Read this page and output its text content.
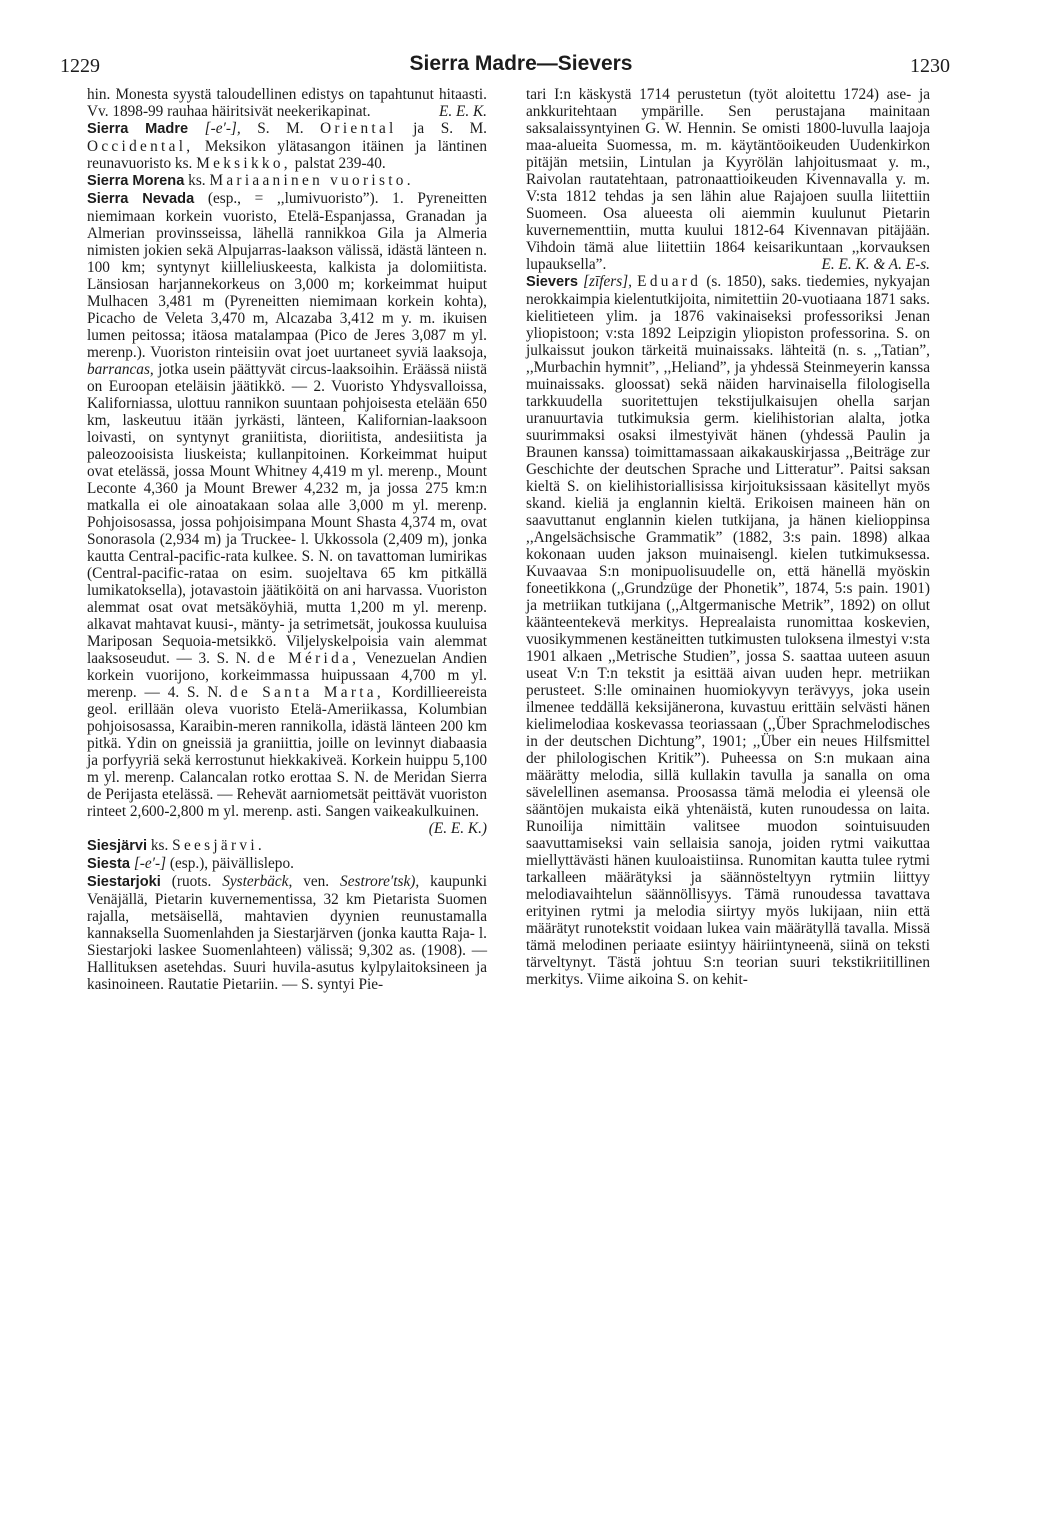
1229	Sierra Madre—Sievers	1230

hin. Monesta syystä taloudellinen edistys on tapahtunut hitaasti. Vv. 1898-99 rauhaa häiritsivät neekerikapinat.	E. E. K.

Sierra Madre [-e′-], S. M. Oriental ja S. M. Occidental, Meksikon ylätasangon itäinen ja läntinen reunavuoristo ks. Meksikko, palstat 239-40.

Sierra Morena ks. Mariaaninen vuoristo.

Sierra Nevada (esp., = ,,lumivuoristo”). 1. Pyreneitten niemimaan korkein vuoristo, Etelä-Espanjassa, Granadan ja Almerian provinsseissa, lähellä rannikkoa Gila ja Almeria nimisten jokien sekä Alpujarras-laakson välissä, idästä länteen n. 100 km; syntynyt kiilleliuskeesta, kalkista ja dolomiitista. Länsiosan harjannekorkeus on 3,000 m; korkeimmat huiput Mulhacen 3,481 m (Pyreneitten niemimaan korkein kohta), Picacho de Veleta 3,470 m, Alcazaba 3,412 m y. m. ikuisen lumen peitossa; itäosa matalampaa (Pico de Jeres 3,087 m yl. merenp.). Vuoriston rinteisiin ovat joet uurtaneet syviä laaksoja, barrancas, jotka usein päättyvät circus-laaksoihin. Eräässä niistä on Euroopan eteläisin jäätikkö. — 2. Vuoristo Yhdysvalloissa, Kaliforniassa, ulottuu rannikon suuntaan pohjoisesta etelään 650 km, laskeutuu itään jyrkästi, länteen, Kalifornian-laaksoon loivasti, on syntynyt graniitista, dioriitista, andesiitista ja paleozooisista liuskeista; kullanpitoinen. Korkeimmat huiput ovat etelässä, jossa Mount Whitney 4,419 m yl. merenp., Mount Leconte 4,360 ja Mount Brewer 4,232 m, ja jossa 275 km:n matkalla ei ole ainoatakaan solaa alle 3,000 m yl. merenp. Pohjoisosassa, jossa pohjoisimpana Mount Shasta 4,374 m, ovat Sonorasola (2,934 m) ja Truckee- l. Ukkossola (2,409 m), jonka kautta Central-pacific-rata kulkee. S. N. on tavattoman lumirikas (Central-pacific-rataa on esim. suojeltava 65 km pitkällä lumikatoksella), jotavastoin jäätiköitä on ani harvassa. Vuoriston alemmat osat ovat metsäköyhiä, mutta 1,200 m yl. merenp. alkavat mahtavat kuusi-, mänty- ja setrimetsät, joukossa kuuluisa Mariposan Sequoia-metsikkö. Viljelyskelpoisia vain alemmat laaksoseudut. — 3. S. N. de Mérida, Venezuelan Andien korkein vuorijono, korkeimmassa huipussaan 4,700 m yl. merenp. — 4. S. N. de Santa Marta, Kordillieereista geol. erillään oleva vuoristo Etelä-Ameriikassa, Kolumbian pohjoisosassa, Karaibin-meren rannikolla, idästä länteen 200 km pitkä. Ydin on gneissiä ja graniittia, joille on levinnyt diabaasia ja porfyyriä sekä kerrostunut hiekkakiveä. Korkein huippu 5,100 m yl. merenp. Calancalan rotko erottaa S. N. de Meridan Sierra de Perijasta etelässä. — Rehevät aarniometsät peittävät vuoriston rinteet 2,600-2,800 m yl. merenp. asti. Sangen vaikeakulkuinen.
(E. E. K.)

Siesjärvi ks. Seesjärvi.

Siesta [-e′-] (esp.), päivällislepo.

Siestarjoki (ruots. Systerbäck, ven. Sestrore′tsk), kaupunki Venäjällä, Pietarin kuvernementissa, 32 km Pietarista Suomen rajalla, metsäisellä, mahtavien dyynien reunustamalla kannaksella Suomenlahden ja Siestarjärven (jonka kautta Raja- l. Siestarjoki laskee Suomenlahteen) välissä; 9,302 as. (1908). — Hallituksen asetehdas. Suuri huvila-asutus kylpylaitoksineen ja kasinoineen. Rautatie Pietariin. — S. syntyi Pie-

tari I:n käskystä 1714 perustetun (työt aloitettu 1724) ase- ja ankkuritehtaan ympärille. Sen perustajana mainitaan saksalaissyntyinen G. W. Hennin. Se omisti 1800-luvulla laajoja maa-alueita Suomessa, m. m. käytäntöoikeuden Uudenkirkon pitäjän metsiin, Lintulan ja Kyyrölän lahjoitusmaat y. m., Raivolan rautatehtaan, patronaattioikeuden Kivennavalla y. m. V:sta 1812 tehdas ja sen lähin alue Rajajoen suulla liitettiin Suomeen. Osa alueesta oli aiemmin kuulunut Pietarin kuvernementtiin, mutta kuului 1812-64 Kivennavan pitäjään. Vihdoin tämä alue liitettiin 1864 keisarikuntaan ,,korvauksen lupauksella”.	E. E. K. & A. E-s.

Sievers [zīfers], Eduard (s. 1850), saks. tiedemies, nykyajan nerokkaimpia kielentutkijoita, nimitettiin 20-vuotiaana 1871 saks. kielitieteen ylim. ja 1876 vakinaiseksi professoriksi Jenan yliopistoon; v:sta 1892 Leipzigin yliopiston professorina. S. on julkaissut joukon tärkeitä muinaissaks. lähteitä (n. s. ,,Tatian”, ,,Murbachin hymnit”, ,,Heliand”, ja yhdessä Steinmeyerin kanssa muinaissaks. gloossat) sekä näiden harvinaisella filologisella tarkkuudella suoritettujen tekstijulkaisujen ohella sarjan uranuurtavia tutkimuksia germ. kielihistorian alalta, jotka suurimmaksi osaksi ilmestyivät hänen (yhdessä Paulin ja Braunen kanssa) toimittamassaan aikakauskirjassa ,,Beiträge zur Geschichte der deutschen Sprache und Litteratur”. Paitsi saksan kieltä S. on kielihistoriallisissa kirjoituksissaan käsitellyt myös skand. kieliä ja englannin kieltä. Erikoisen maineen hän on saavuttanut englannin kielen tutkijana, ja hänen kielioppinsa ,,Angelsächsische Grammatik” (1882, 3:s pain. 1898) alkaa kokonaan uuden jakson muinaisengl. kielen tutkimuksessa. Kuvaavaa S:n monipuolisuudelle on, että hänellä myöskin foneetikkona (,,Grundzüge der Phonetik”, 1874, 5:s pain. 1901) ja metriikan tutkijana (,,Altgermanische Metrik”, 1892) on ollut käänteentekevä merkitys. Heprealaista runomittaa koskevien, vuosikymmenen kestäneitten tutkimusten tuloksena ilmestyi v:sta 1901 alkaen ,,Metrische Studien”, jossa S. saattaa uuteen asuun useat V:n T:n tekstit ja esittää aivan uuden hepr. metriikan perusteet. S:lle ominainen huomiokyvyn terävyys, joka usein ilmenee teddällä keksijänerona, kuvastuu erittäin selvästi hänen kielimelodiaa koskevassa teoriassaan (,,Über Sprachmelodisches in der deutschen Dichtung”, 1901; ,,Über ein neues Hilfsmittel der philologischen Kritik”). Puheessa on S:n mukaan aina määrätty melodia, sillä kullakin tavulla ja sanalla on oma sävelellinen asemansa. Proosassa tämä melodia ei yleensä ole sääntöjen mukaista eikä yhtenäistä, kuten runoudessa on laita. Runoilija nimittäin valitsee muodon sointuisuuden saavuttamiseksi vain sellaisia sanoja, joiden rytmi vaikuttaa miellyttävästi hänen kuuloaistiinsa. Runomitan kautta tulee rytmi tarkalleen määrätyksi ja säännösteltyyn rytmiin liittyy melodiavaihtelun säännöllisyys. Tämä runoudessa tavattava erityinen rytmi ja melodia siirtyy myös lukijaan, niin että määrätyt runotekstit voidaan lukea vain määrätyllä tavalla. Missä tämä melodinen periaate esiintyy häiriintyneenä, siinä on teksti tärveltynyt. Tästä johtuu S:n teorian suuri tekstikriitillinen merkitys. Viime aikoina S. on kehit-
